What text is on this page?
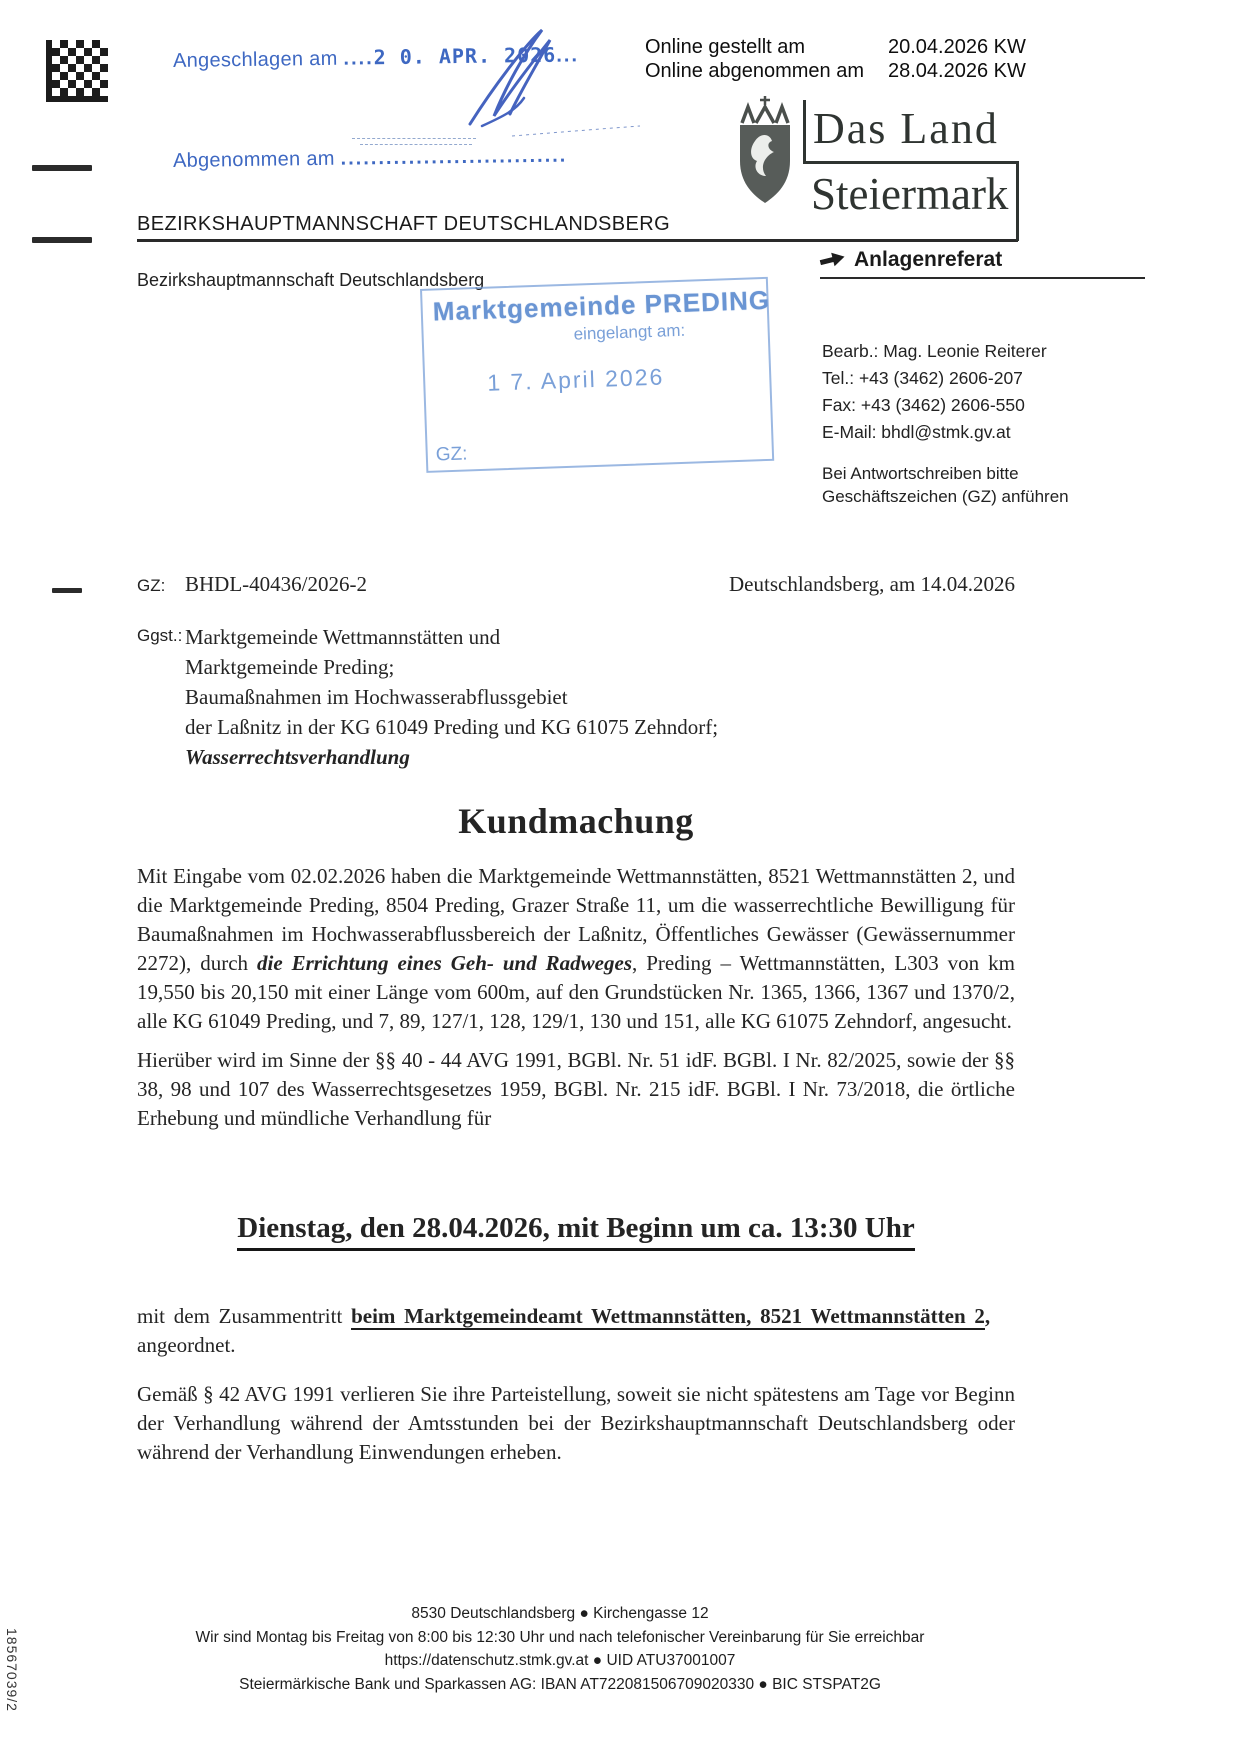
Angeschlagen am ....2 0. APR. 2026...
Abgenommen am ..............................
Online gestellt am	20.04.2026 KW
Online abgenommen am 28.04.2026 KW
BEZIRKSHAUPTMANNSCHAFT DEUTSCHLANDSBERG
Das Land
Steiermark
Anlagenreferat
Bezirkshauptmannschaft Deutschlandsberg
Marktgemeinde PREDING
eingelangt am:
1 7. April 2026
GZ:
Bearb.: Mag. Leonie Reiterer
Tel.: +43 (3462) 2606-207
Fax: +43 (3462) 2606-550
E-Mail: bhdl@stmk.gv.at
Bei Antwortschreiben bitte
Geschäftszeichen (GZ) anführen
GZ: BHDL-40436/2026-2	Deutschlandsberg, am 14.04.2026
Ggst.: Marktgemeinde Wettmannstätten und
Marktgemeinde Preding;
Baumaßnahmen im Hochwasserabflussgebiet
der Laßnitz in der KG 61049 Preding und KG 61075 Zehndorf;
Wasserrechtsverhandlung
Kundmachung
Mit Eingabe vom 02.02.2026 haben die Marktgemeinde Wettmannstätten, 8521 Wettmannstätten 2, und die Marktgemeinde Preding, 8504 Preding, Grazer Straße 11, um die wasserrechtliche Bewilligung für Baumaßnahmen im Hochwasserabflussbereich der Laßnitz, Öffentliches Gewässer (Gewässernummer 2272), durch die Errichtung eines Geh- und Radweges, Preding – Wettmannstätten, L303 von km 19,550 bis 20,150 mit einer Länge vom 600m, auf den Grundstücken Nr. 1365, 1366, 1367 und 1370/2, alle KG 61049 Preding, und 7, 89, 127/1, 128, 129/1, 130 und 151, alle KG 61075 Zehndorf, angesucht.
Hierüber wird im Sinne der §§ 40 - 44 AVG 1991, BGBl. Nr. 51 idF. BGBl. I Nr. 82/2025, sowie der §§ 38, 98 und 107 des Wasserrechtsgesetzes 1959, BGBl. Nr. 215 idF. BGBl. I Nr. 73/2018, die örtliche Erhebung und mündliche Verhandlung für
Dienstag, den 28.04.2026, mit Beginn um ca. 13:30 Uhr
mit dem Zusammentritt beim Marktgemeindeamt Wettmannstätten, 8521 Wettmannstätten 2,
angeordnet.
Gemäß § 42 AVG 1991 verlieren Sie ihre Parteistellung, soweit sie nicht spätestens am Tage vor Beginn der Verhandlung während der Amtsstunden bei der Bezirkshauptmannschaft Deutschlandsberg oder während der Verhandlung Einwendungen erheben.
8530 Deutschlandsberg ● Kirchengasse 12
Wir sind Montag bis Freitag von 8:00 bis 12:30 Uhr und nach telefonischer Vereinbarung für Sie erreichbar
https://datenschutz.stmk.gv.at ● UID ATU37001007
Steiermärkische Bank und Sparkassen AG: IBAN AT722081506709020330 ● BIC STSPAT2G
18567039/2
